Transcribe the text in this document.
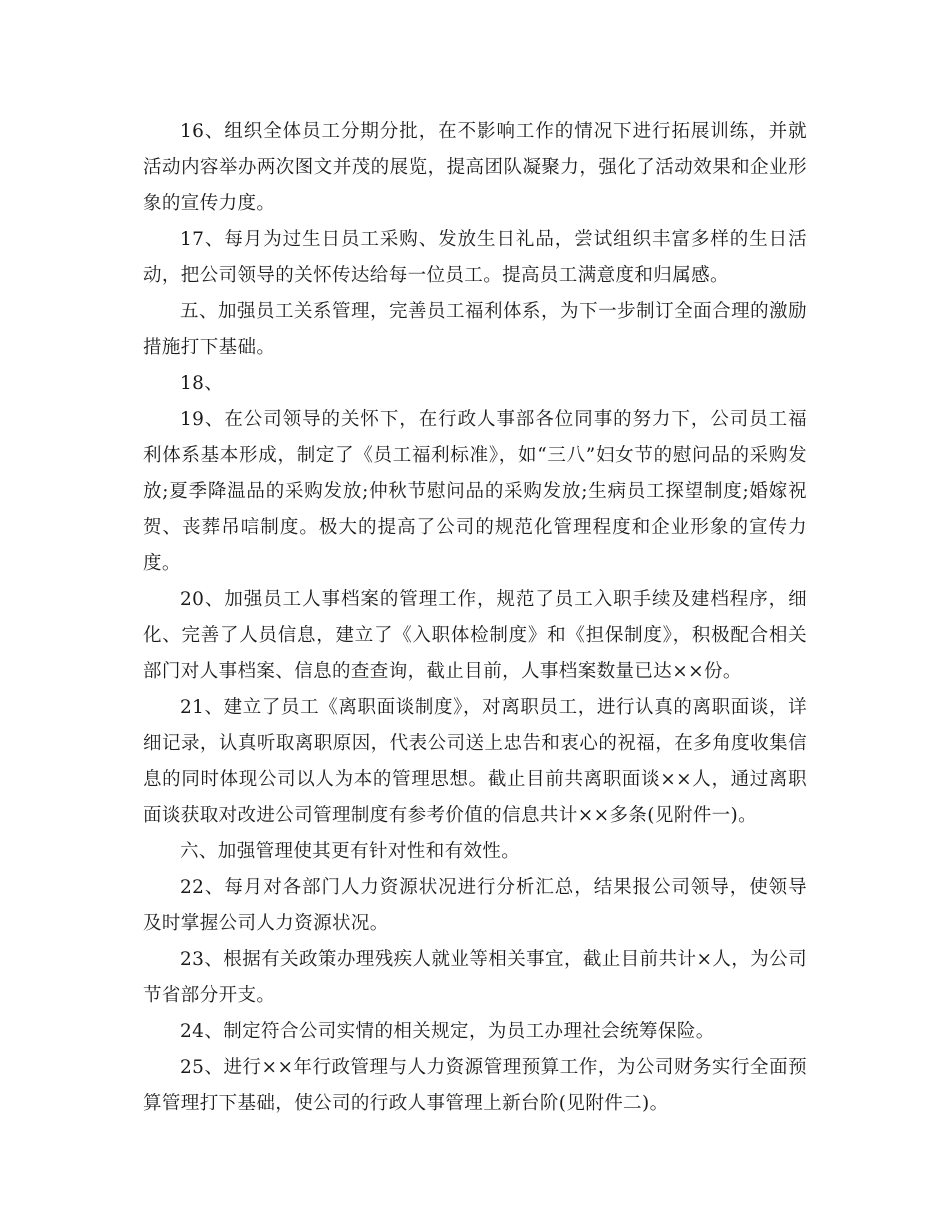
16、组织全体员工分期分批，在不影响工作的情况下进行拓展训练，并就活动内容举办两次图文并茂的展览，提高团队凝聚力，强化了活动效果和企业形象的宣传力度。

17、每月为过生日员工采购、发放生日礼品，尝试组织丰富多样的生日活动，把公司领导的关怀传达给每一位员工。提高员工满意度和归属感。

五、加强员工关系管理，完善员工福利体系，为下一步制订全面合理的激励措施打下基础。

18、

19、在公司领导的关怀下，在行政人事部各位同事的努力下，公司员工福利体系基本形成，制定了《员工福利标准》，如“三八”妇女节的慰问品的采购发放;夏季降温品的采购发放;仲秋节慰问品的采购发放;生病员工探望制度;婚嫁祝贺、丧葬吊唁制度。极大的提高了公司的规范化管理程度和企业形象的宣传力度。

20、加强员工人事档案的管理工作，规范了员工入职手续及建档程序，细化、完善了人员信息，建立了《入职体检制度》和《担保制度》，积极配合相关部门对人事档案、信息的查查询，截止目前，人事档案数量已达××份。

21、建立了员工《离职面谈制度》，对离职员工，进行认真的离职面谈，详细记录，认真听取离职原因，代表公司送上忠告和衷心的祝福，在多角度收集信息的同时体现公司以人为本的管理思想。截止目前共离职面谈××人，通过离职面谈获取对改进公司管理制度有参考价值的信息共计××多条(见附件一)。

六、加强管理使其更有针对性和有效性。

22、每月对各部门人力资源状况进行分析汇总，结果报公司领导，使领导及时掌握公司人力资源状况。

23、根据有关政策办理残疾人就业等相关事宜，截止目前共计×人，为公司节省部分开支。

24、制定符合公司实情的相关规定，为员工办理社会统筹保险。

25、进行××年行政管理与人力资源管理预算工作，为公司财务实行全面预算管理打下基础，使公司的行政人事管理上新台阶(见附件二)。
